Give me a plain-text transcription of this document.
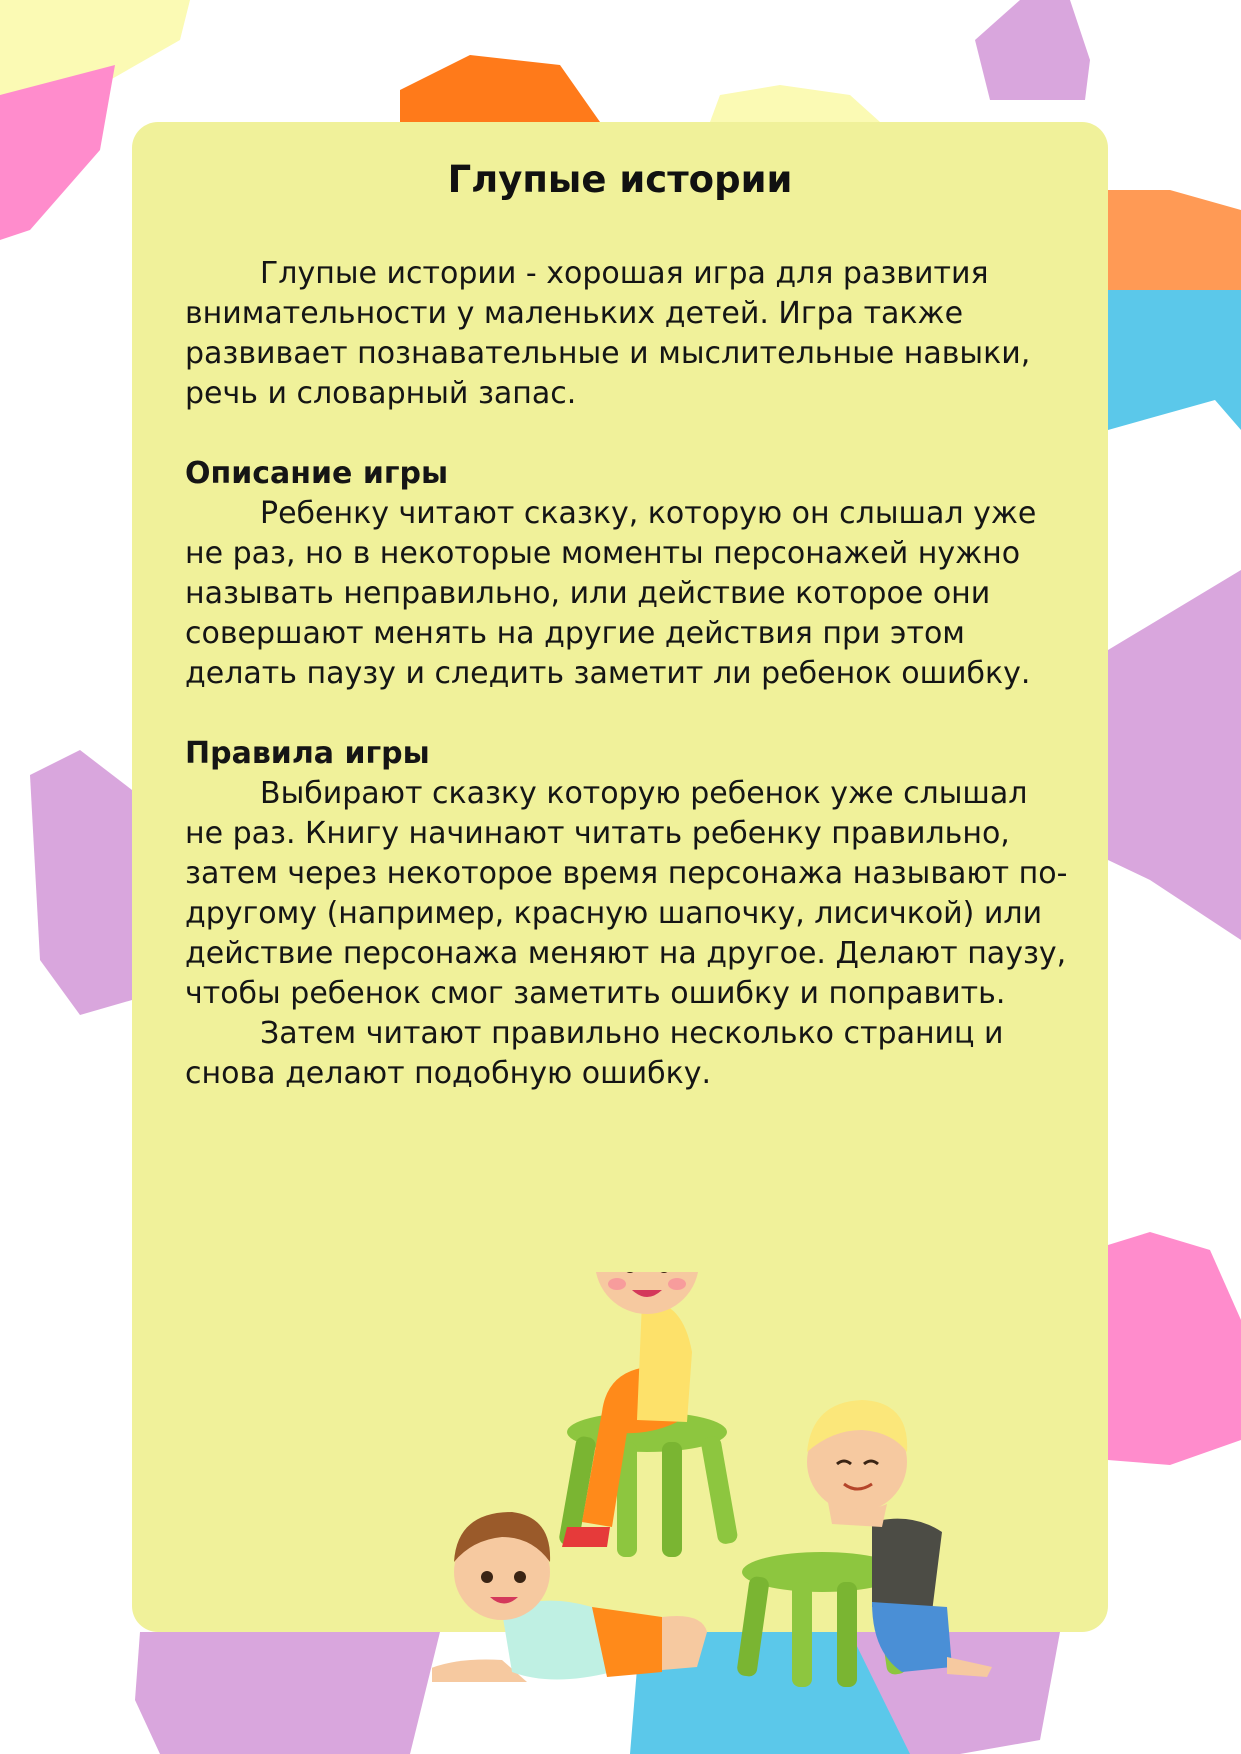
Глупые истории

Глупые истории - хорошая игра для развития внимательности у маленьких детей. Игра также развивает познавательные и мыслительные навыки, речь и словарный запас.

Описание игры

Ребенку читают сказку, которую он слышал уже не раз, но в некоторые моменты персонажей нужно называть неправильно, или действие которое они совершают менять на другие действия при этом делать паузу и следить заметит ли ребенок ошибку.

Правила игры

Выбирают сказку которую ребенок уже слышал не раз. Книгу начинают читать ребенку правильно, затем через некоторое время персонажа называют по-другому (например, красную шапочку, лисичкой) или действие персонажа меняют на другое. Делают паузу, чтобы ребенок смог заметить ошибку и поправить.

Затем читают правильно несколько страниц и снова делают подобную ошибку.
